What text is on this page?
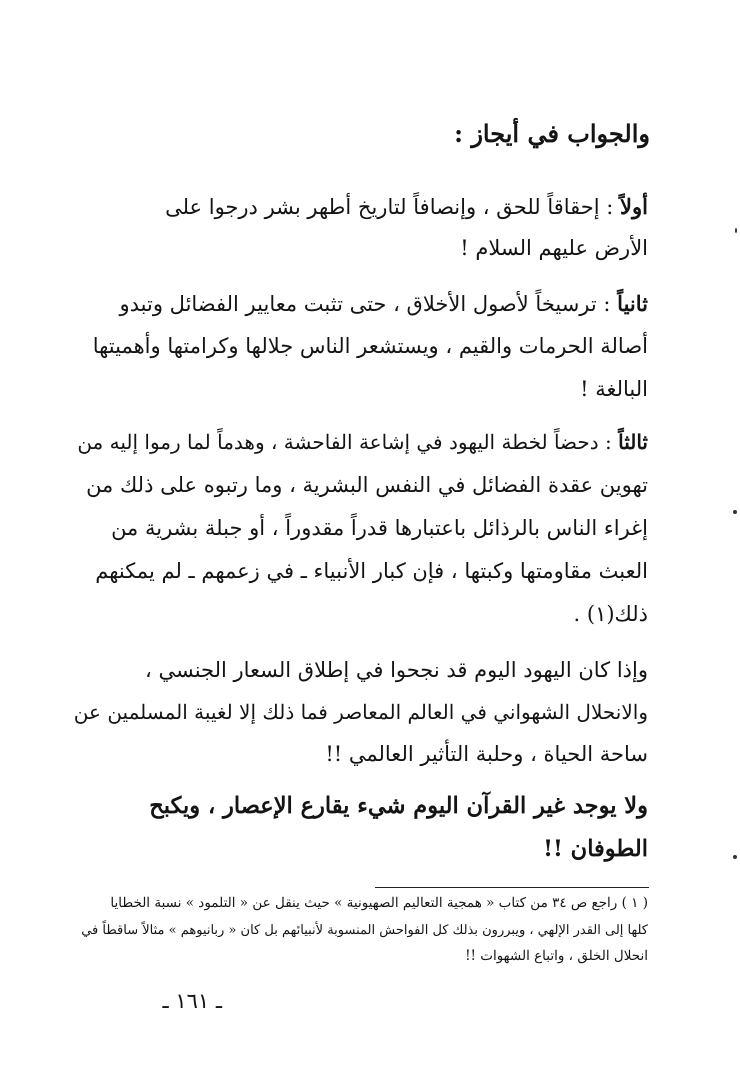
والجواب في أيجاز :
أولاً : إحقاقاً للحق ، وإنصافاً لتاريخ أطهر بشر درجوا على
الأرض عليهم السلام !
ثانياً : ترسيخاً لأصول الأخلاق ، حتى تثبت معايير الفضائل وتبدو
أصالة الحرمات والقيم ، ويستشعر الناس جلالها وكرامتها وأهميتها
البالغة !
ثالثاً : دحضاً لخطة اليهود في إشاعة الفاحشة ، وهدماً لما رموا إليه من
تهوين عقدة الفضائل في النفس البشرية ، وما رتبوه على ذلك من
إغراء الناس بالرذائل باعتبارها قدراً مقدوراً ، أو جبلة بشرية من
العبث مقاومتها وكبتها ، فإن كبار الأنبياء ـ في زعمهم ـ لم يمكنهم
ذلك(١) .
وإذا كان اليهود اليوم قد نجحوا في إطلاق السعار الجنسي ،
والانحلال الشهواني في العالم المعاصر فما ذلك إلا لغيبة المسلمين عن
ساحة الحياة ، وحلبة التأثير العالمي !!
ولا يوجد غير القرآن اليوم شيء يقارع الإعصار ، ويكبح
الطوفان !!
( ١ ) راجع ص ٣٤ من كتاب « همجية التعاليم الصهيونية » حيث ينقل عن « التلمود » نسبة الخطايا
كلها إلى القدر الإلهي ، ويبررون بذلك كل الفواحش المنسوبة لأنبيائهم بل كان « ربانيوهم » مثالاً ساقطاً في
انحلال الخلق ، واتباع الشهوات !!
ـ ١٦١ ـ
